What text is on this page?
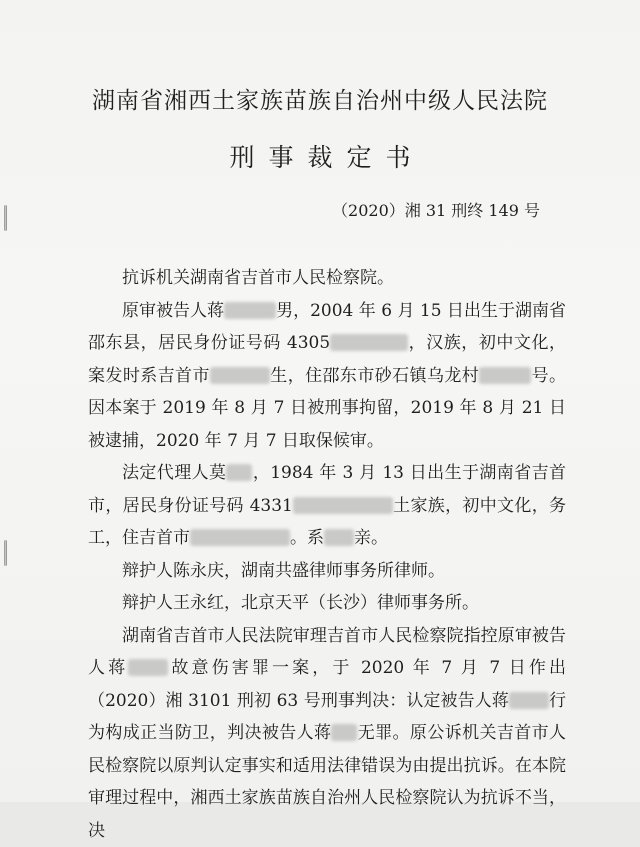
湖南省湘西土家族苗族自治州中级人民法院
刑事裁定书
（2020）湘 31 刑终 149 号

抗诉机关湖南省吉首市人民检察院。

原审被告人蒋	男，2004 年 6 月 15 日出生于湖南省邵东县，居民身份证号码 4305	，汉族，初中文化，案发时系吉首市	生，住邵东市砂石镇乌龙村	号。因本案于 2019 年 8 月 7 日被刑事拘留，2019 年 8 月 21 日被逮捕，2020 年 7 月 7 日取保候审。

法定代理人莫 ，1984 年 3 月 13 日出生于湖南省吉首市，居民身份证号码 4331	土家族，初中文化，务工，住吉首市	。系 亲。

辩护人陈永庆，湖南共盛律师事务所律师。

辩护人王永红，北京天平（长沙）律师事务所。

湖南省吉首市人民法院审理吉首市人民检察院指控原审被告人蒋 故意伤害罪一案，于 2020 年 7 月 7 日作出（2020）湘 3101 刑初 63 号刑事判决：认定被告人蒋 行为构成正当防卫，判决被告人蒋 无罪。原公诉机关吉首市人民检察院以原判认定事实和适用法律错误为由提出抗诉。在本院审理过程中，湘西土家族苗族自治州人民检察院认为抗诉不当，决
